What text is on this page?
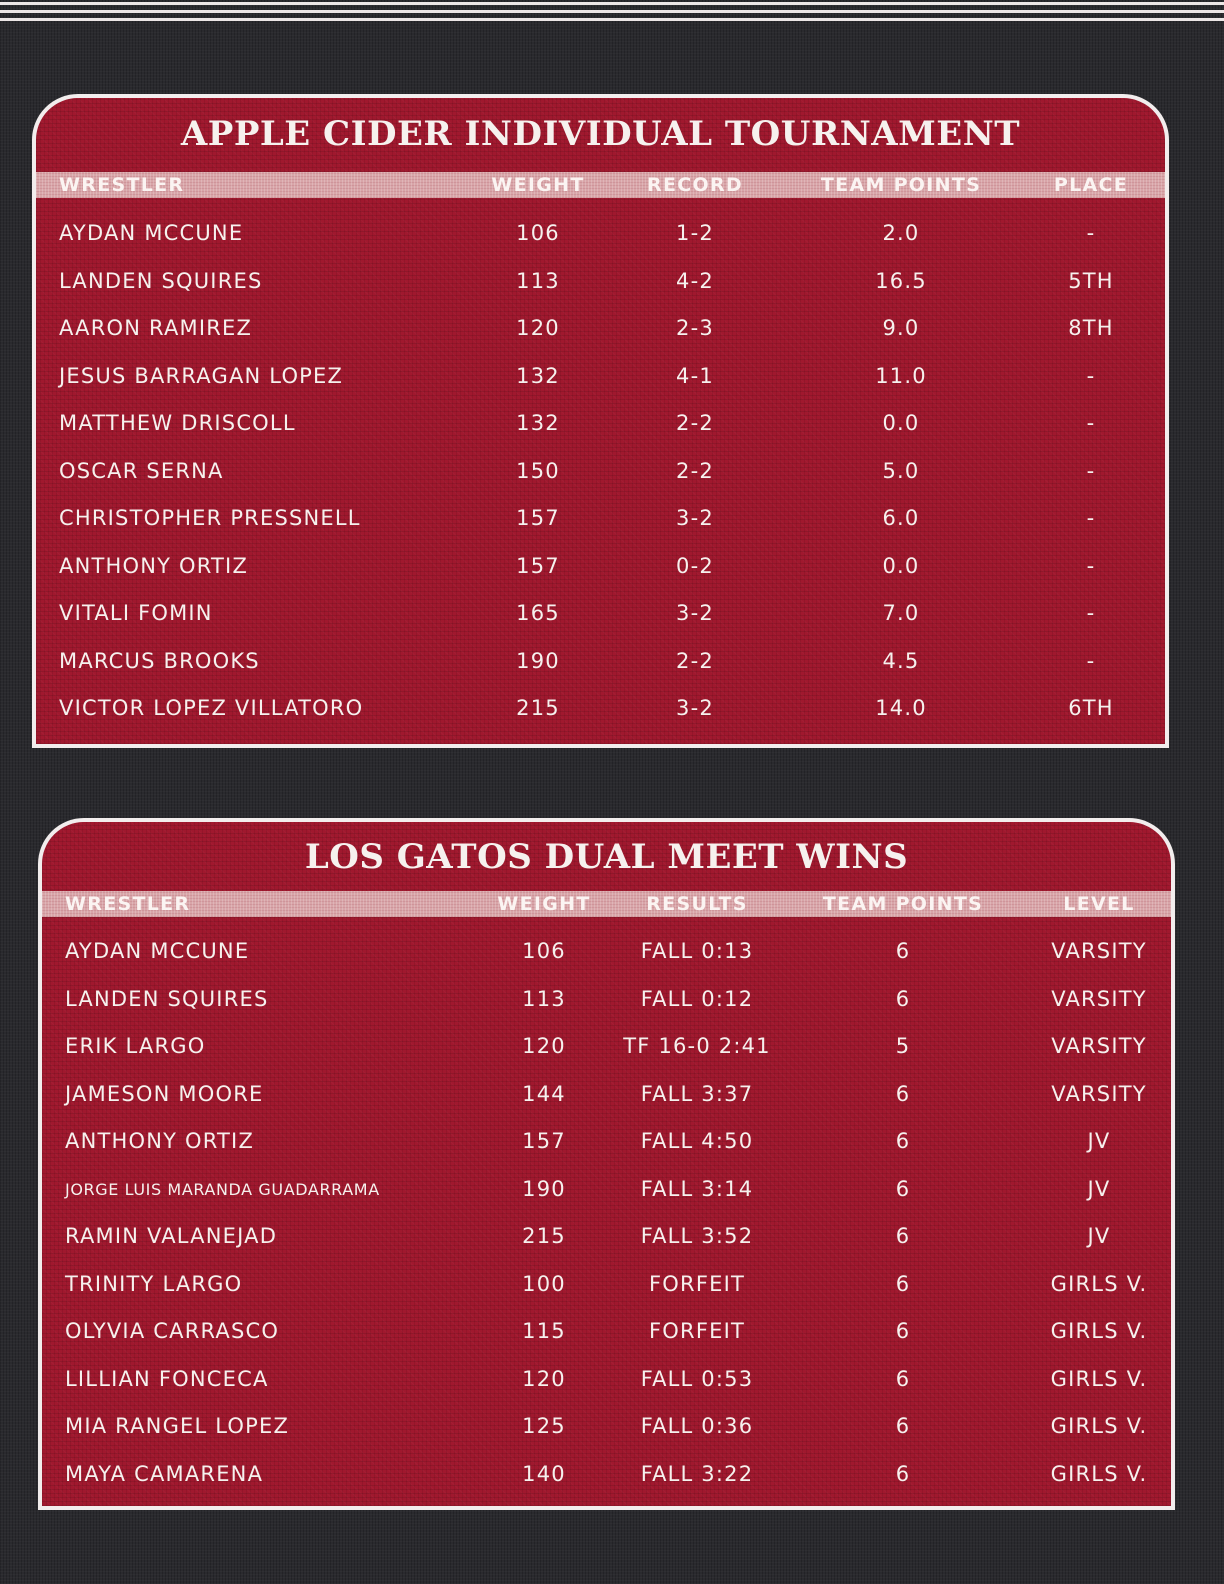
APPLE CIDER INDIVIDUAL TOURNAMENT
WRESTLER	WEIGHT	RECORD	TEAM POINTS	PLACE
AYDAN MCCUNE	106	1-2	2.0	-
LANDEN SQUIRES	113	4-2	16.5	5TH
AARON RAMIREZ	120	2-3	9.0	8TH
JESUS BARRAGAN LOPEZ	132	4-1	11.0	-
MATTHEW DRISCOLL	132	2-2	0.0	-
OSCAR SERNA	150	2-2	5.0	-
CHRISTOPHER PRESSNELL	157	3-2	6.0	-
ANTHONY ORTIZ	157	0-2	0.0	-
VITALI FOMIN	165	3-2	7.0	-
MARCUS BROOKS	190	2-2	4.5	-
VICTOR LOPEZ VILLATORO	215	3-2	14.0	6TH
LOS GATOS DUAL MEET WINS
WRESTLER	WEIGHT	RESULTS	TEAM POINTS	LEVEL
AYDAN MCCUNE	106	FALL 0:13	6	VARSITY
LANDEN SQUIRES	113	FALL 0:12	6	VARSITY
ERIK LARGO	120	TF 16-0 2:41	5	VARSITY
JAMESON MOORE	144	FALL 3:37	6	VARSITY
ANTHONY ORTIZ	157	FALL 4:50	6	JV
JORGE LUIS MARANDA GUADARRAMA	190	FALL 3:14	6	JV
RAMIN VALANEJAD	215	FALL 3:52	6	JV
TRINITY LARGO	100	FORFEIT	6	GIRLS V.
OLYVIA CARRASCO	115	FORFEIT	6	GIRLS V.
LILLIAN FONCECA	120	FALL 0:53	6	GIRLS V.
MIA RANGEL LOPEZ	125	FALL 0:36	6	GIRLS V.
MAYA CAMARENA	140	FALL 3:22	6	GIRLS V.
